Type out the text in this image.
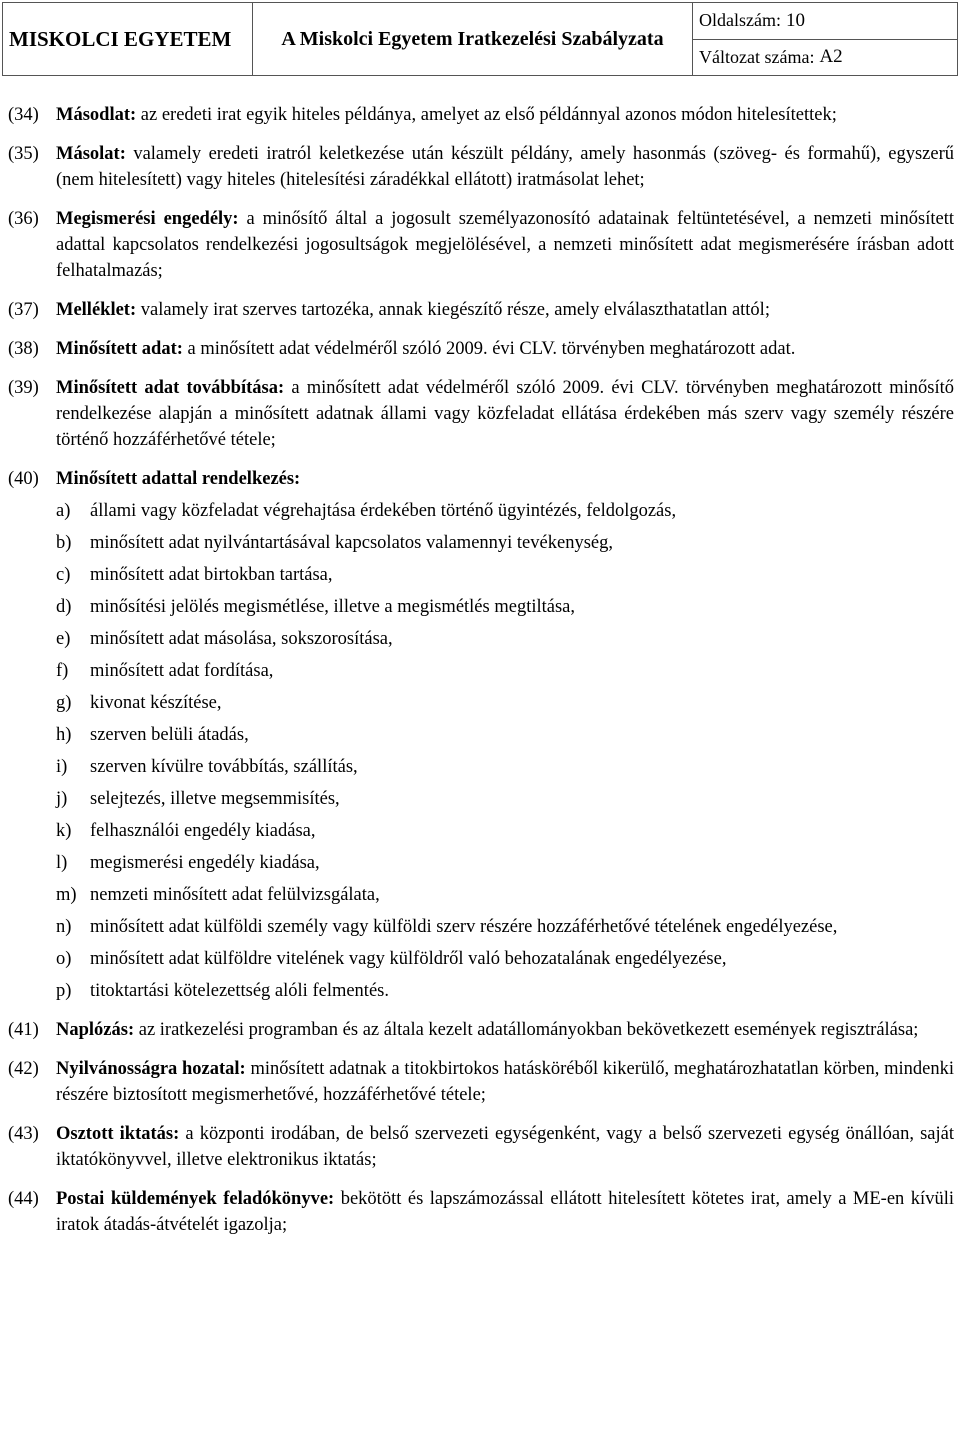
MISKOLCI EGYETEM	A Miskolci Egyetem Iratkezelési Szabályzata
Oldalszám: 10
Változat száma: A2
(34) Másodlat: az eredeti irat egyik hiteles példánya, amelyet az első példánnyal azonos módon hitelesítettek;
(35) Másolat: valamely eredeti iratról keletkezése után készült példány, amely hasonmás (szöveg- és formahű), egyszerű (nem hitelesített) vagy hiteles (hitelesítési záradékkal ellátott) iratmásolat lehet;
(36) Megismerési engedély: a minősítő által a jogosult személyazonosító adatainak feltüntetésével, a nemzeti minősített adattal kapcsolatos rendelkezési jogosultságok megjelölésével, a nemzeti minősített adat megismerésére írásban adott felhatalmazás;
(37) Melléklet: valamely irat szerves tartozéka, annak kiegészítő része, amely elválaszthatatlan attól;
(38) Minősített adat: a minősített adat védelméről szóló 2009. évi CLV. törvényben meghatározott adat.
(39) Minősített adat továbbítása: a minősített adat védelméről szóló 2009. évi CLV. törvényben meghatározott minősítő rendelkezése alapján a minősített adatnak állami vagy közfeladat ellátása érdekében más szerv vagy személy részére történő hozzáférhetővé tétele;
(40) Minősített adattal rendelkezés:
a)	állami vagy közfeladat végrehajtása érdekében történő ügyintézés, feldolgozás,
b)	minősített adat nyilvántartásával kapcsolatos valamennyi tevékenység,
c)	minősített adat birtokban tartása,
d)	minősítési jelölés megismétlése, illetve a megismétlés megtiltása,
e)	minősített adat másolása, sokszorosítása,
f)	minősített adat fordítása,
g)	kivonat készítése,
h)	szerven belüli átadás,
i)	szerven kívülre továbbítás, szállítás,
j)	selejtezés, illetve megsemmisítés,
k)	felhasználói engedély kiadása,
l)	megismerési engedély kiadása,
m) nemzeti minősített adat felülvizsgálata,
n)	minősített adat külföldi személy vagy külföldi szerv részére hozzáférhetővé tételének engedélyezése,
o)	minősített adat külföldre vitelének vagy külföldről való behozatalának engedélyezése,
p)	titoktartási kötelezettség alóli felmentés.
(41) Naplózás: az iratkezelési programban és az általa kezelt adatállományokban bekövetkezett események regisztrálása;
(42) Nyilvánosságra hozatal: minősített adatnak a titokbirtokos hatásköréből kikerülő, meghatározhatatlan körben, mindenki részére biztosított megismerhetővé, hozzáférhetővé tétele;
(43) Osztott iktatás: a központi irodában, de belső szervezeti egységenként, vagy a belső szervezeti egység önállóan, saját iktatókönyvvel, illetve elektronikus iktatás;
(44) Postai küldemények feladókönyve: bekötött és lapszámozással ellátott hitelesített kötetes irat, amely a ME-en kívüli iratok átadás-átvételét igazolja;
